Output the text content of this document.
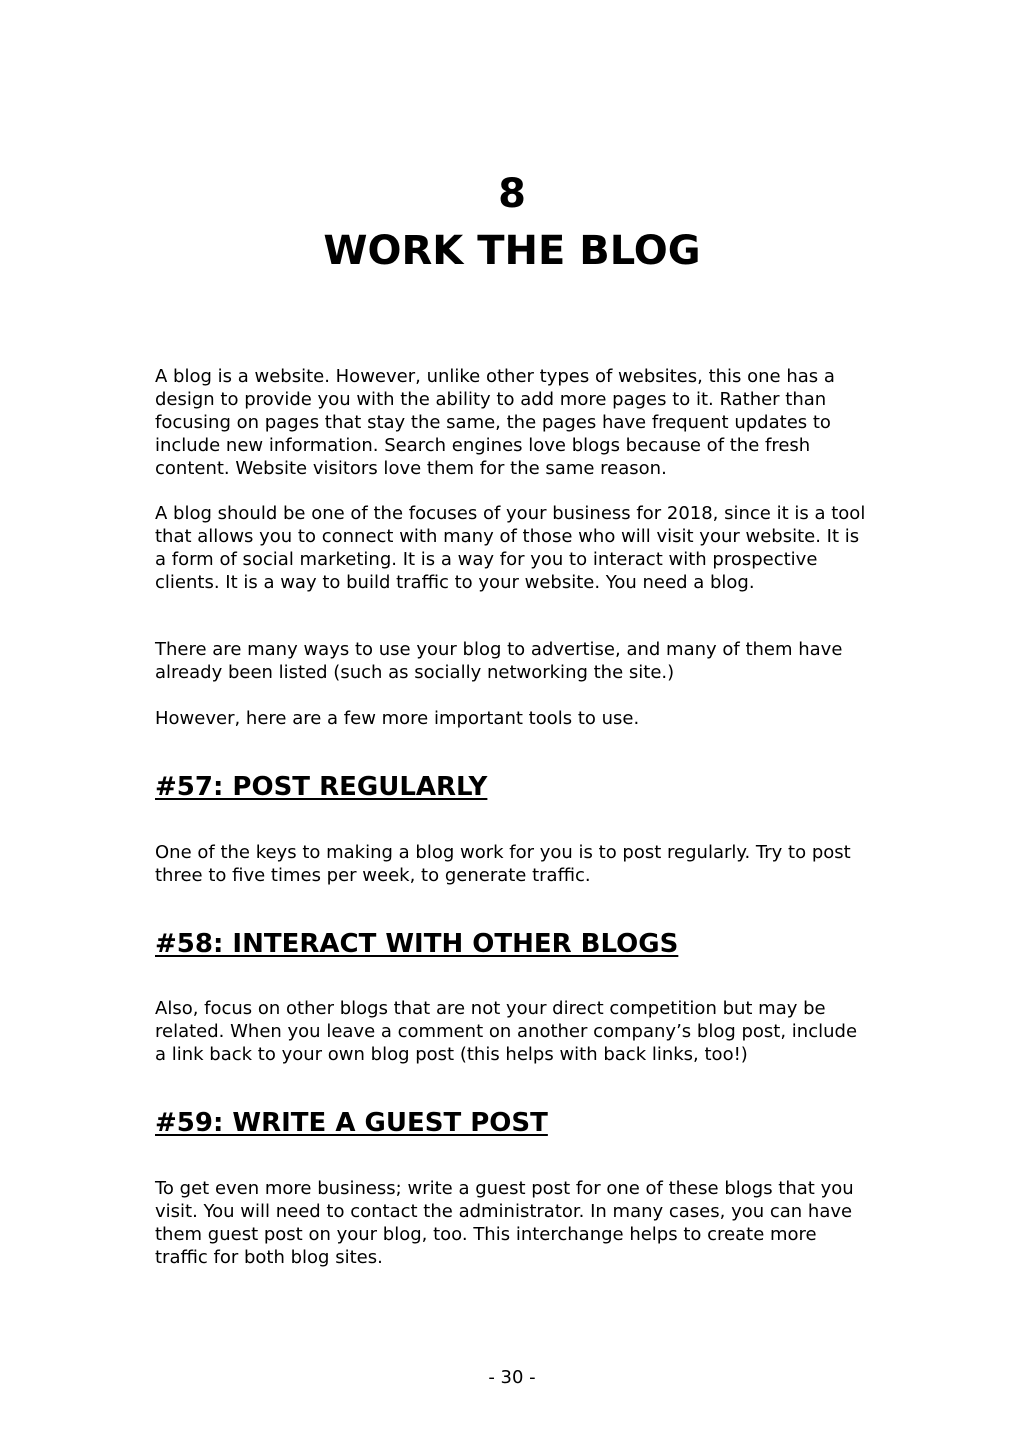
8
WORK THE BLOG

A blog is a website. However, unlike other types of websites, this one has a design to provide you with the ability to add more pages to it. Rather than focusing on pages that stay the same, the pages have frequent updates to include new information. Search engines love blogs because of the fresh content. Website visitors love them for the same reason.

A blog should be one of the focuses of your business for 2018, since it is a tool that allows you to connect with many of those who will visit your website. It is a form of social marketing. It is a way for you to interact with prospective clients. It is a way to build traffic to your website. You need a blog.

There are many ways to use your blog to advertise, and many of them have already been listed (such as socially networking the site.)

However, here are a few more important tools to use.

#57: POST REGULARLY

One of the keys to making a blog work for you is to post regularly. Try to post three to five times per week, to generate traffic.

#58: INTERACT WITH OTHER BLOGS

Also, focus on other blogs that are not your direct competition but may be related. When you leave a comment on another company’s blog post, include a link back to your own blog post (this helps with back links, too!)

#59: WRITE A GUEST POST

To get even more business; write a guest post for one of these blogs that you visit. You will need to contact the administrator. In many cases, you can have them guest post on your blog, too. This interchange helps to create more traffic for both blog sites.

- 30 -
